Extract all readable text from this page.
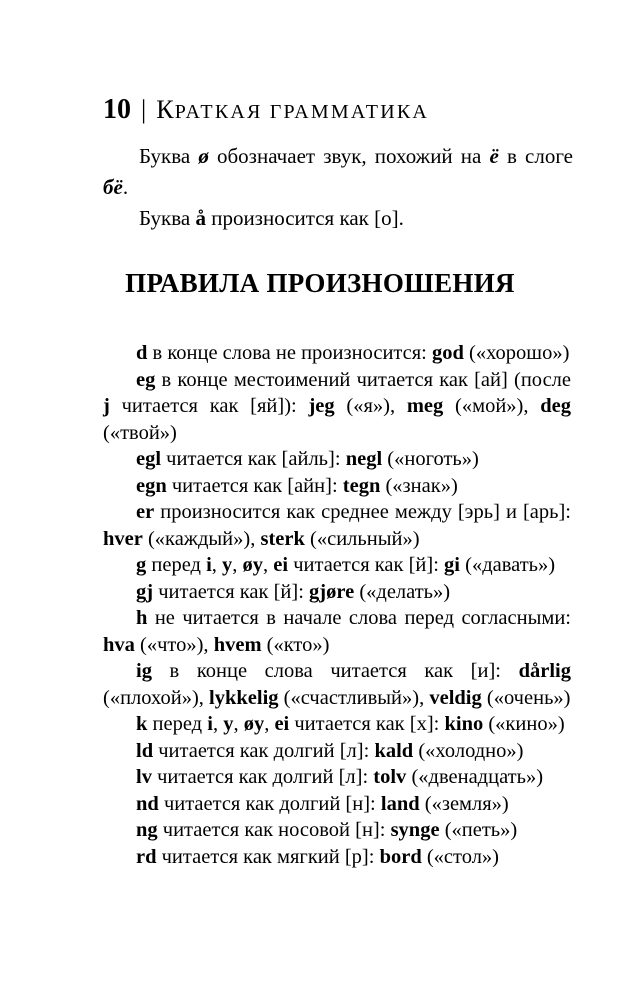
10 | КРАТКАЯ ГРАММАТИКА

Буква ø обозначает звук, похожий на ё в слоге бё.

Буква å произносится как [о].

ПРАВИЛА ПРОИЗНОШЕНИЯ

d в конце слова не произносится: god («хорошо»)

eg в конце местоимений читается как [ай] (после j читается как [яй]): jeg («я»), meg («мой»), deg («твой»)

egl читается как [айль]: negl («ноготь»)

egn читается как [айн]: tegn («знак»)

er произносится как среднее между [эрь] и [арь]: hver («каждый»), sterk («сильный»)

g перед i, y, øy, ei читается как [й]: gi («давать»)

gj читается как [й]: gjøre («делать»)

h не читается в начале слова перед согласными: hva («что»), hvem («кто»)

ig в конце слова читается как [и]: dårlig («плохой»), lykkelig («счастливый»), veldig («очень»)

k перед i, y, øy, ei читается как [х]: kino («кино»)

ld читается как долгий [л]: kald («холодно»)

lv читается как долгий [л]: tolv («двенадцать»)

nd читается как долгий [н]: land («земля»)

ng читается как носовой [н]: synge («петь»)

rd читается как мягкий [р]: bord («стол»)
